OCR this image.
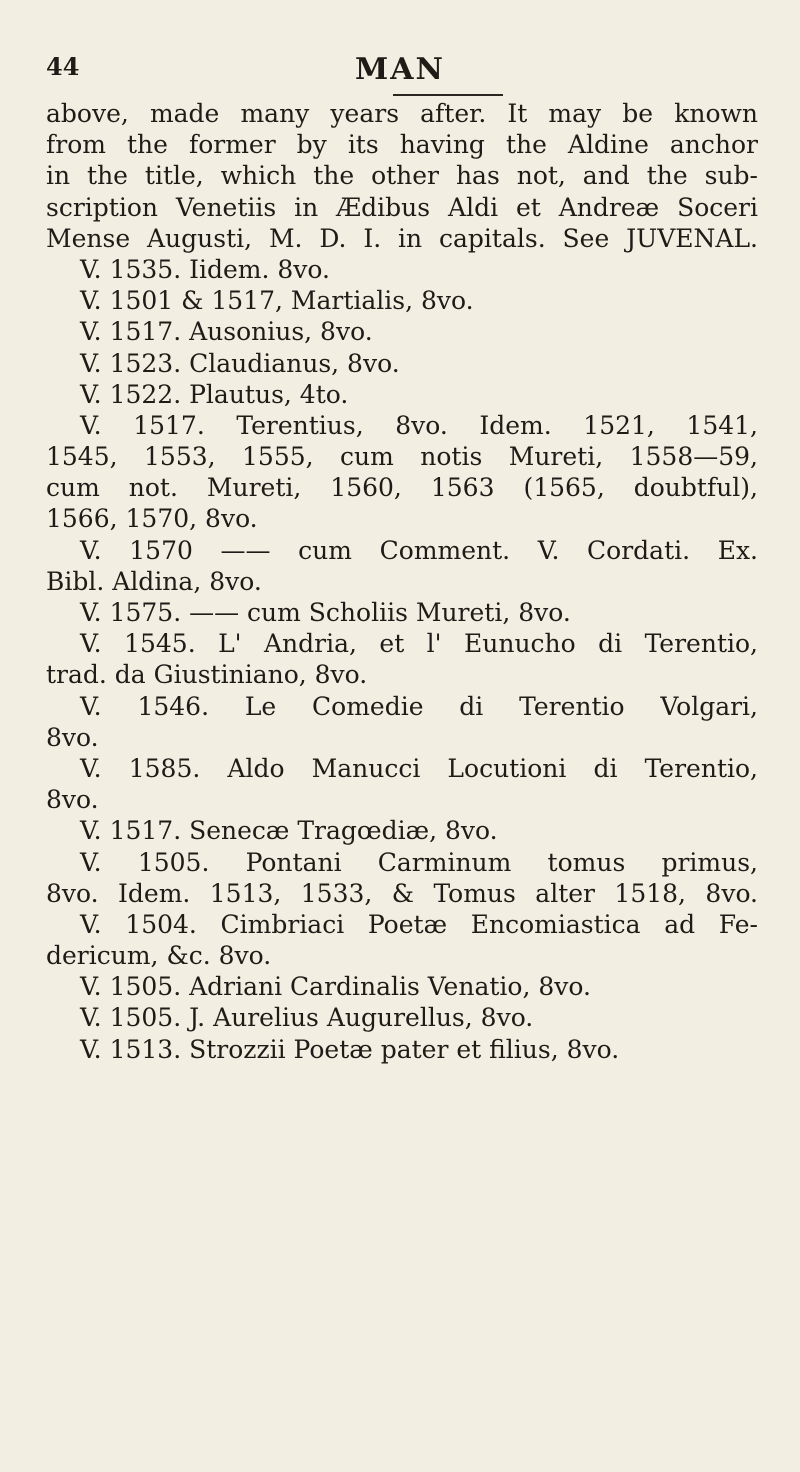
44	MAN
above, made many years after. It may be known
from the former by its having the Aldine anchor
in the title, which the other has not, and the sub-
scription Venetiis in Ædibus Aldi et Andreæ Soceri
Mense Augusti, M. D. I. in capitals. See JUVENAL.
V. 1535. Iidem. 8vo.
V. 1501 & 1517, Martialis, 8vo.
V. 1517. Ausonius, 8vo.
V. 1523. Claudianus, 8vo.
V. 1522. Plautus, 4to.
V. 1517. Terentius, 8vo. Idem. 1521, 1541,
1545, 1553, 1555, cum notis Mureti, 1558—59,
cum not. Mureti, 1560, 1563 (1565, doubtful),
1566, 1570, 8vo.
V. 1570 —— cum Comment. V. Cordati. Ex.
Bibl. Aldina, 8vo.
V. 1575. —— cum Scholiis Mureti, 8vo.
V. 1545. L' Andria, et l' Eunucho di Terentio,
trad. da Giustiniano, 8vo.
V. 1546. Le Comedie di Terentio Volgari,
8vo.
V. 1585. Aldo Manucci Locutioni di Terentio,
8vo.
V. 1517. Senecæ Tragœdiæ, 8vo.
V. 1505. Pontani Carminum tomus primus,
8vo. Idem. 1513, 1533, & Tomus alter 1518, 8vo.
V. 1504. Cimbriaci Poetæ Encomiastica ad Fe-
dericum, &c. 8vo.
V. 1505. Adriani Cardinalis Venatio, 8vo.
V. 1505. J. Aurelius Augurellus, 8vo.
V. 1513. Strozzii Poetæ pater et filius, 8vo.
